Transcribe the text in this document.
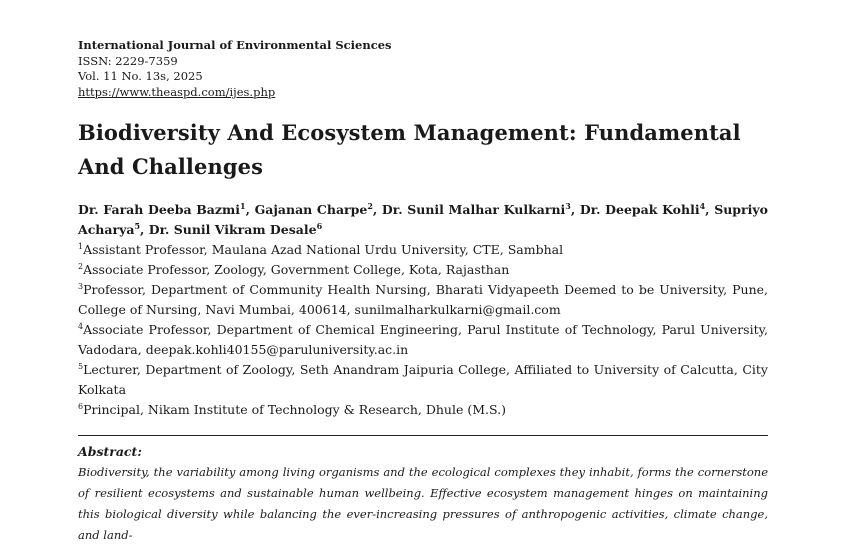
International Journal of Environmental Sciences
ISSN: 2229-7359
Vol. 11 No. 13s, 2025
https://www.theaspd.com/ijes.php
Biodiversity And Ecosystem Management: Fundamental And Challenges
Dr. Farah Deeba Bazmi$^1$, Gajanan Charpe$^2$, Dr. Sunil Malhar Kulkarni$^3$, Dr. Deepak Kohli$^4$, Supriyo Acharya$^5$, Dr. Sunil Vikram Desale$^6$

$^1$Assistant Professor, Maulana Azad National Urdu University, CTE, Sambhal

$^2$Associate Professor, Zoology, Government College, Kota, Rajasthan

$^3$Professor, Department of Community Health Nursing, Bharati Vidyapeeth Deemed to be University, Pune, College of Nursing, Navi Mumbai, 400614, sunilmalharkulkarni@gmail.com

$^4$Associate Professor, Department of Chemical Engineering, Parul Institute of Technology, Parul University, Vadodara, deepak.kohli40155@paruluniversity.ac.in

$^5$Lecturer, Department of Zoology, Seth Anandram Jaipuria College, Affiliated to University of Calcutta, City Kolkata

$^6$Principal, Nikam Institute of Technology & Research, Dhule (M.S.)

Abstract:
Biodiversity, the variability among living organisms and the ecological complexes they inhabit, forms the cornerstone of resilient ecosystems and sustainable human wellbeing. Effective ecosystem management hinges on maintaining this biological diversity while balancing the ever-increasing pressures of anthropogenic activities, climate change, and land-
